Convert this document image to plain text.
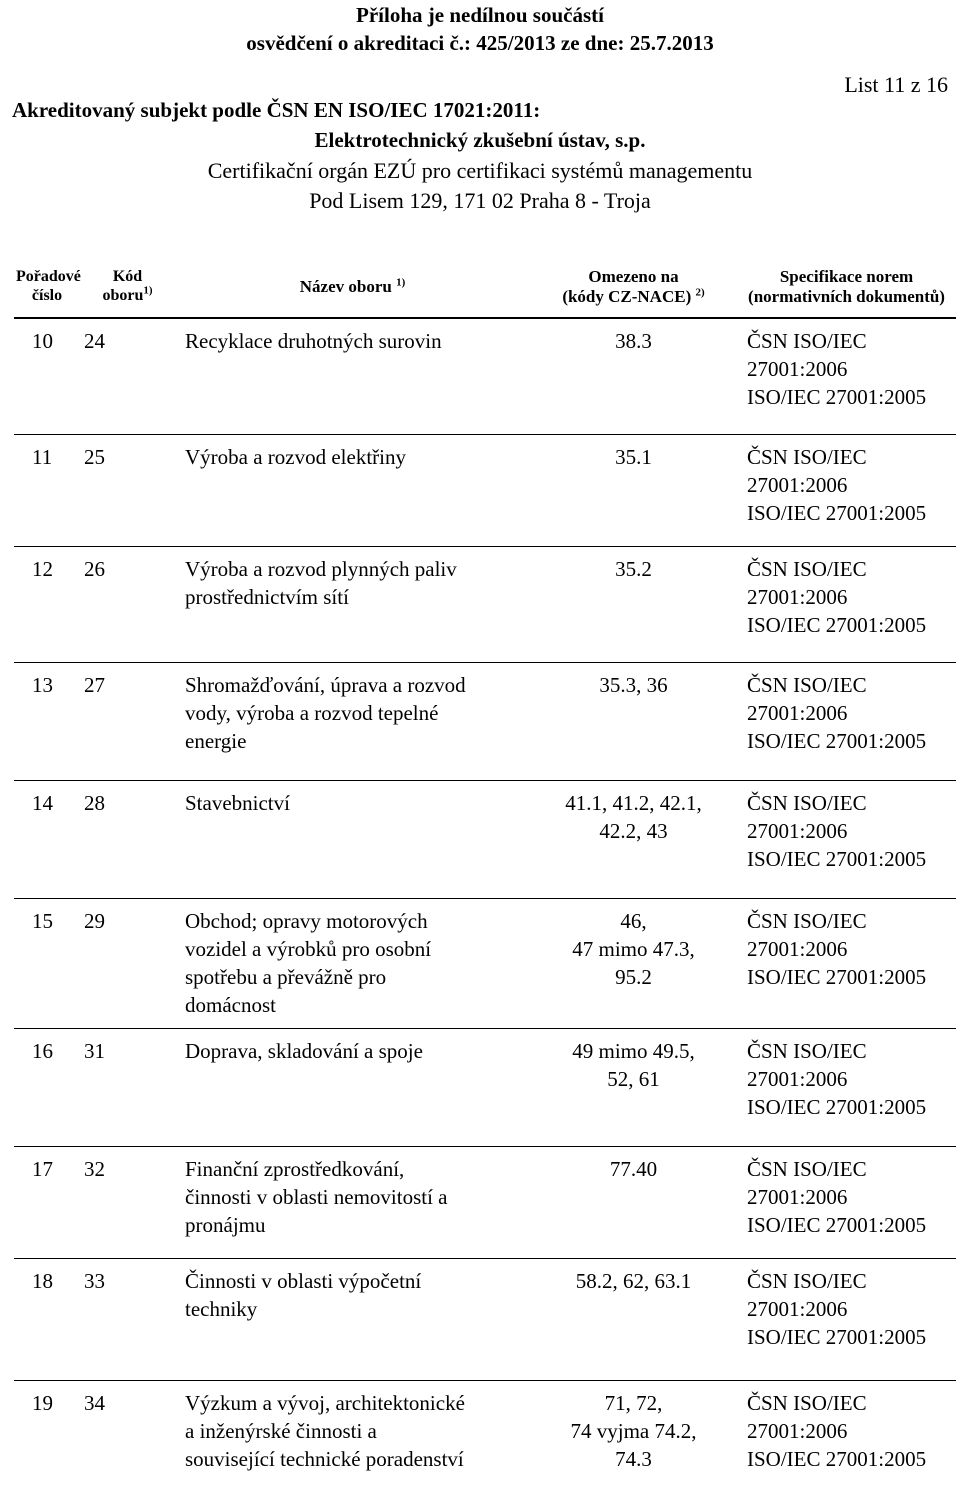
Příloha je nedílnou součástí
osvědčení o akreditaci č.: 425/2013 ze dne: 25.7.2013
List 11 z 16
Akreditovaný subjekt podle ČSN EN ISO/IEC 17021:2011:
Elektrotechnický zkušební ústav, s.p.
Certifikační orgán EZÚ pro certifikaci systémů managementu
Pod Lisem 129, 171 02 Praha 8 - Troja
Pořadové
číslo	Kód
oboru$^{1)}$	Název oboru $^{1)}$	Omezeno na
(kódy CZ-NACE) $^{2)}$	Specifikace norem
(normativních dokumentů)
10	24	Recyklace druhotných surovin	38.3	ČSN ISO/IEC
27001:2006
ISO/IEC 27001:2005

11	25	Výroba a rozvod elektřiny	35.1	ČSN ISO/IEC
27001:2006
ISO/IEC 27001:2005

12	26	Výroba a rozvod plynných paliv
prostřednictvím sítí	35.2	ČSN ISO/IEC
27001:2006
ISO/IEC 27001:2005

13	27	Shromažďování, úprava a rozvod
vody, výroba a rozvod tepelné
energie	35.3, 36	ČSN ISO/IEC
27001:2006
ISO/IEC 27001:2005

14	28	Stavebnictví	41.1, 41.2, 42.1,
42.2, 43	ČSN ISO/IEC
27001:2006
ISO/IEC 27001:2005

15	29	Obchod; opravy motorových
vozidel a výrobků pro osobní
spotřebu a převážně pro
domácnost	46,
47 mimo 47.3,
95.2	ČSN ISO/IEC
27001:2006
ISO/IEC 27001:2005

16	31	Doprava, skladování a spoje	49 mimo 49.5,
52, 61	ČSN ISO/IEC
27001:2006
ISO/IEC 27001:2005

17	32	Finanční zprostředkování,
činnosti v oblasti nemovitostí a
pronájmu	77.40	ČSN ISO/IEC
27001:2006
ISO/IEC 27001:2005

18	33	Činnosti v oblasti výpočetní
techniky	58.2, 62, 63.1	ČSN ISO/IEC
27001:2006
ISO/IEC 27001:2005

19	34	Výzkum a vývoj, architektonické
a inženýrské činnosti a
související technické poradenství	71, 72,
74 vyjma 74.2,
74.3	ČSN ISO/IEC
27001:2006
ISO/IEC 27001:2005
